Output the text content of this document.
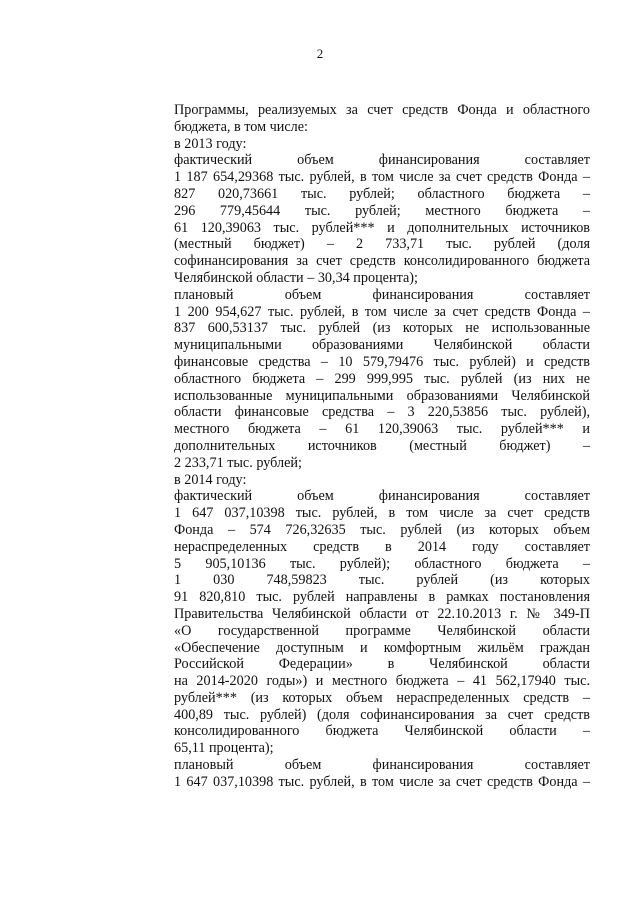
2
Программы, реализуемых за счет средств Фонда и областного
бюджета, в том числе:
в 2013 году:
фактический объем финансирования составляет
1 187 654,29368 тыс. рублей, в том числе за счет средств Фонда –
827 020,73661 тыс. рублей; областного бюджета –
296 779,45644 тыс. рублей; местного бюджета –
61 120,39063 тыс. рублей*** и дополнительных источников
(местный бюджет) – 2 733,71 тыс. рублей (доля
софинансирования за счет средств консолидированного бюджета
Челябинской области – 30,34 процента);
плановый объем финансирования составляет
1 200 954,627 тыс. рублей, в том числе за счет средств Фонда –
837 600,53137 тыс. рублей (из которых не использованные
муниципальными образованиями Челябинской области
финансовые средства – 10 579,79476 тыс. рублей) и средств
областного бюджета – 299 999,995 тыс. рублей (из них не
использованные муниципальными образованиями Челябинской
области финансовые средства – 3 220,53856 тыс. рублей),
местного бюджета – 61 120,39063 тыс. рублей*** и
дополнительных источников (местный бюджет) –
2 233,71 тыс. рублей;
в 2014 году:
фактический объем финансирования составляет
1 647 037,10398 тыс. рублей, в том числе за счет средств
Фонда – 574 726,32635 тыс. рублей (из которых объем
нераспределенных средств в 2014 году составляет
5 905,10136 тыс. рублей); областного бюджета –
1 030 748,59823 тыс. рублей (из которых
91 820,810 тыс. рублей направлены в рамках постановления
Правительства Челябинской области от 22.10.2013 г. № 349-П
«О государственной программе Челябинской области
«Обеспечение доступным и комфортным жильём граждан
Российской Федерации» в Челябинской области
на 2014-2020 годы») и местного бюджета – 41 562,17940 тыс.
рублей*** (из которых объем нераспределенных средств –
400,89 тыс. рублей) (доля софинансирования за счет средств
консолидированного бюджета Челябинской области –
65,11 процента);
плановый объем финансирования составляет
1 647 037,10398 тыс. рублей, в том числе за счет средств Фонда –
